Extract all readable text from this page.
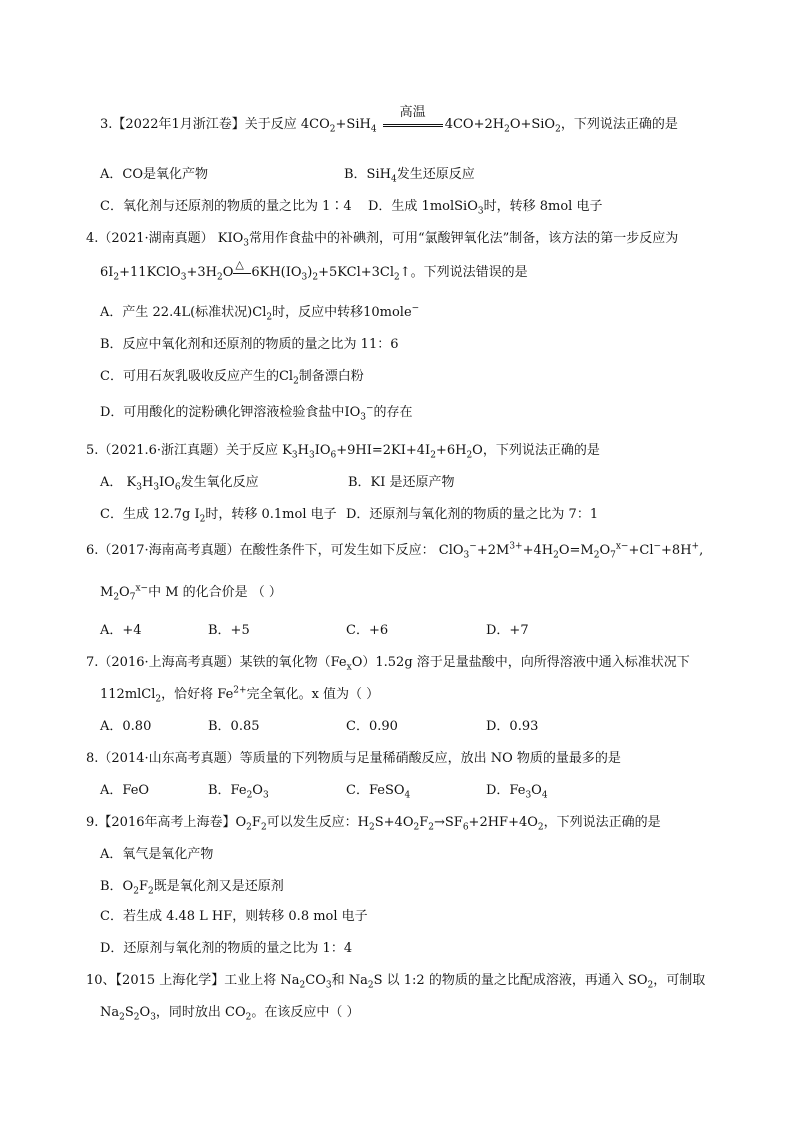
3.【2022年1月浙江卷】关于反应 $4CO_2+SiH_4$
高温
$4CO+2H_2O+SiO_2$，下列说法正确的是
A．CO是氧化产物	B．SiH$_4$发生还原反应
C．氧化剂与还原剂的物质的量之比为 1∶4 D．生成 1molSiO$_3$时，转移 8mol 电子
4.（2021·湖南真题） $KIO_3$常用作食盐中的补碘剂，可用“氯酸钾氧化法”制备，该方法的第一步反应为
$6I_2+11KClO_3+3H_2O$
△
$6KH(IO_3)_2+5KCl+3Cl_2↑$。下列说法错误的是
A．产生 22.4L(标准状况)$Cl_2$时，反应中转移10mole−
B．反应中氧化剂和还原剂的物质的量之比为 11：6
C．可用石灰乳吸收反应产生的$Cl_2$制备漂白粉
D．可用酸化的淀粉碘化钾溶液检验食盐中$IO_3^-$的存在
5.（2021.6·浙江真题）关于反应 $K_3H_3IO_6+9HI=2KI+4I_2+6H_2O$，下列说法正确的是
A． $K_3H_3IO_6$发生氧化反应	B．KI 是还原产物
C．生成 12.7g $I_2$时，转移 0.1mol 电子 D．还原剂与氧化剂的物质的量之比为 7：1
6.（2017·海南高考真题）在酸性条件下，可发生如下反应： $ClO_3^-+2M^{3+}+4H_2O=M_2O_7^{x-}+Cl^-+8H^+$,
$M_2O_7^{x-}$中 M 的化合价是 （ ）
A．+4	B．+5	C．+6	D．+7
7.（2016·上海高考真题）某铁的氧化物$(Fe_xO)1.52g$ 溶于足量盐酸中，向所得溶液中通入标准状况下
112mlCl$_2$，恰好将 $Fe^{2+}$完全氧化。x 值为（ ）
A．0.80	B．0.85	C．0.90	D．0.93
8.（2014·山东高考真题）等质量的下列物质与足量稀硝酸反应，放出 NO 物质的量最多的是
A．FeO	B．$Fe_2O_3$	C．FeSO$_4$	D．$Fe_3O_4$
9.【2016年高考上海卷】$O_2F_2$可以发生反应：$H_2S+4O_2F_2\to SF_6+2HF+4O_2$，下列说法正确的是
A．氧气是氧化产物
B．$O_2F_2$既是氧化剂又是还原剂
C．若生成 4.48 L HF，则转移 0.8 mol 电子
D．还原剂与氧化剂的物质的量之比为 1：4
10、【2015 上海化学】工业上将 $Na_2CO_3$和 $Na_2S$ 以 1:2 的物质的量之比配成溶液，再通入 $SO_2$，可制取
$Na_2S_2O_3$，同时放出 $CO_2$。在该反应中（ ）
